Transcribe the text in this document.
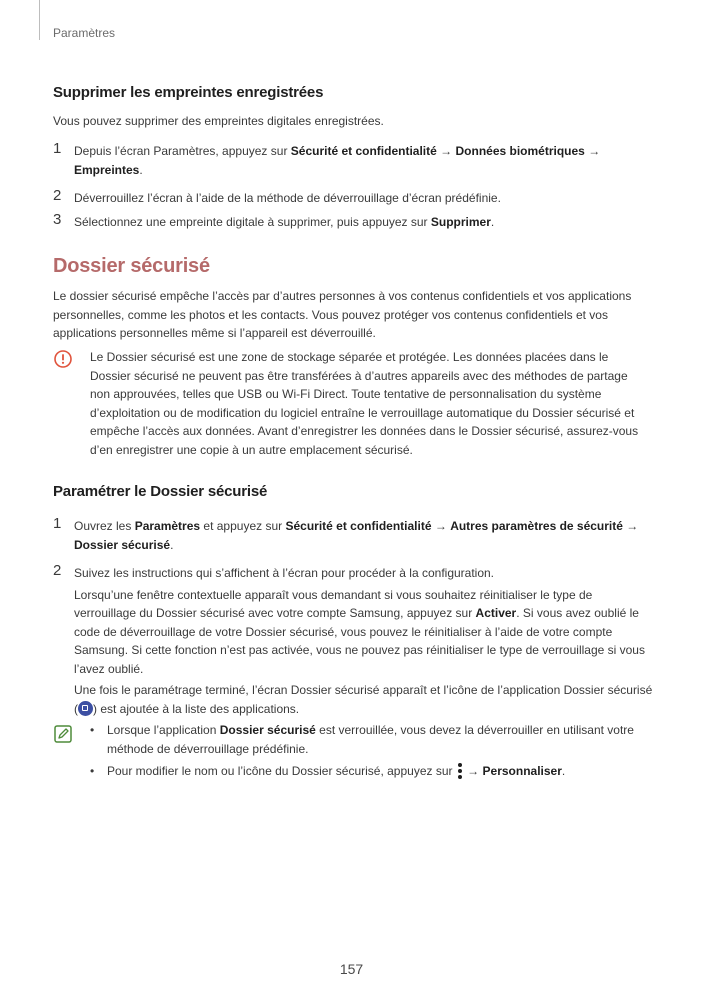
Paramètres
Supprimer les empreintes enregistrées
Vous pouvez supprimer des empreintes digitales enregistrées.
1 Depuis l’écran Paramètres, appuyez sur Sécurité et confidentialité → Données biométriques →
Empreintes.
2 Déverrouillez l’écran à l’aide de la méthode de déverrouillage d’écran prédéfinie.
3 Sélectionnez une empreinte digitale à supprimer, puis appuyez sur Supprimer.
Dossier sécurisé
Le dossier sécurisé empêche l’accès par d’autres personnes à vos contenus confidentiels et vos applications personnelles, comme les photos et les contacts. Vous pouvez protéger vos contenus confidentiels et vos applications personnelles même si l’appareil est déverrouillé.
Le Dossier sécurisé est une zone de stockage séparée et protégée. Les données placées dans le Dossier sécurisé ne peuvent pas être transférées à d’autres appareils avec des méthodes de partage non approuvées, telles que USB ou Wi-Fi Direct. Toute tentative de personnalisation du système d’exploitation ou de modification du logiciel entraîne le verrouillage automatique du Dossier sécurisé et empêche l’accès aux données. Avant d’enregistrer les données dans le Dossier sécurisé, assurez-vous d’en enregistrer une copie à un autre emplacement sécurisé.
Paramétrer le Dossier sécurisé
1 Ouvrez les Paramètres et appuyez sur Sécurité et confidentialité → Autres paramètres de sécurité →
Dossier sécurisé.
2 Suivez les instructions qui s’affichent à l’écran pour procéder à la configuration.
Lorsqu’une fenêtre contextuelle apparaît vous demandant si vous souhaitez réinitialiser le type de verrouillage du Dossier sécurisé avec votre compte Samsung, appuyez sur Activer. Si vous avez oublié le code de déverrouillage de votre Dossier sécurisé, vous pouvez le réinitialiser à l’aide de votre compte Samsung. Si cette fonction n’est pas activée, vous ne pouvez pas réinitialiser le type de verrouillage si vous l’avez oublié.
Une fois le paramétrage terminé, l’écran Dossier sécurisé apparaît et l’icône de l’application Dossier sécurisé ( ) est ajoutée à la liste des applications.
• Lorsque l’application Dossier sécurisé est verrouillée, vous devez la déverrouiller en utilisant votre méthode de déverrouillage prédéfinie.
• Pour modifier le nom ou l’icône du Dossier sécurisé, appuyez sur
→ Personnaliser.
157
